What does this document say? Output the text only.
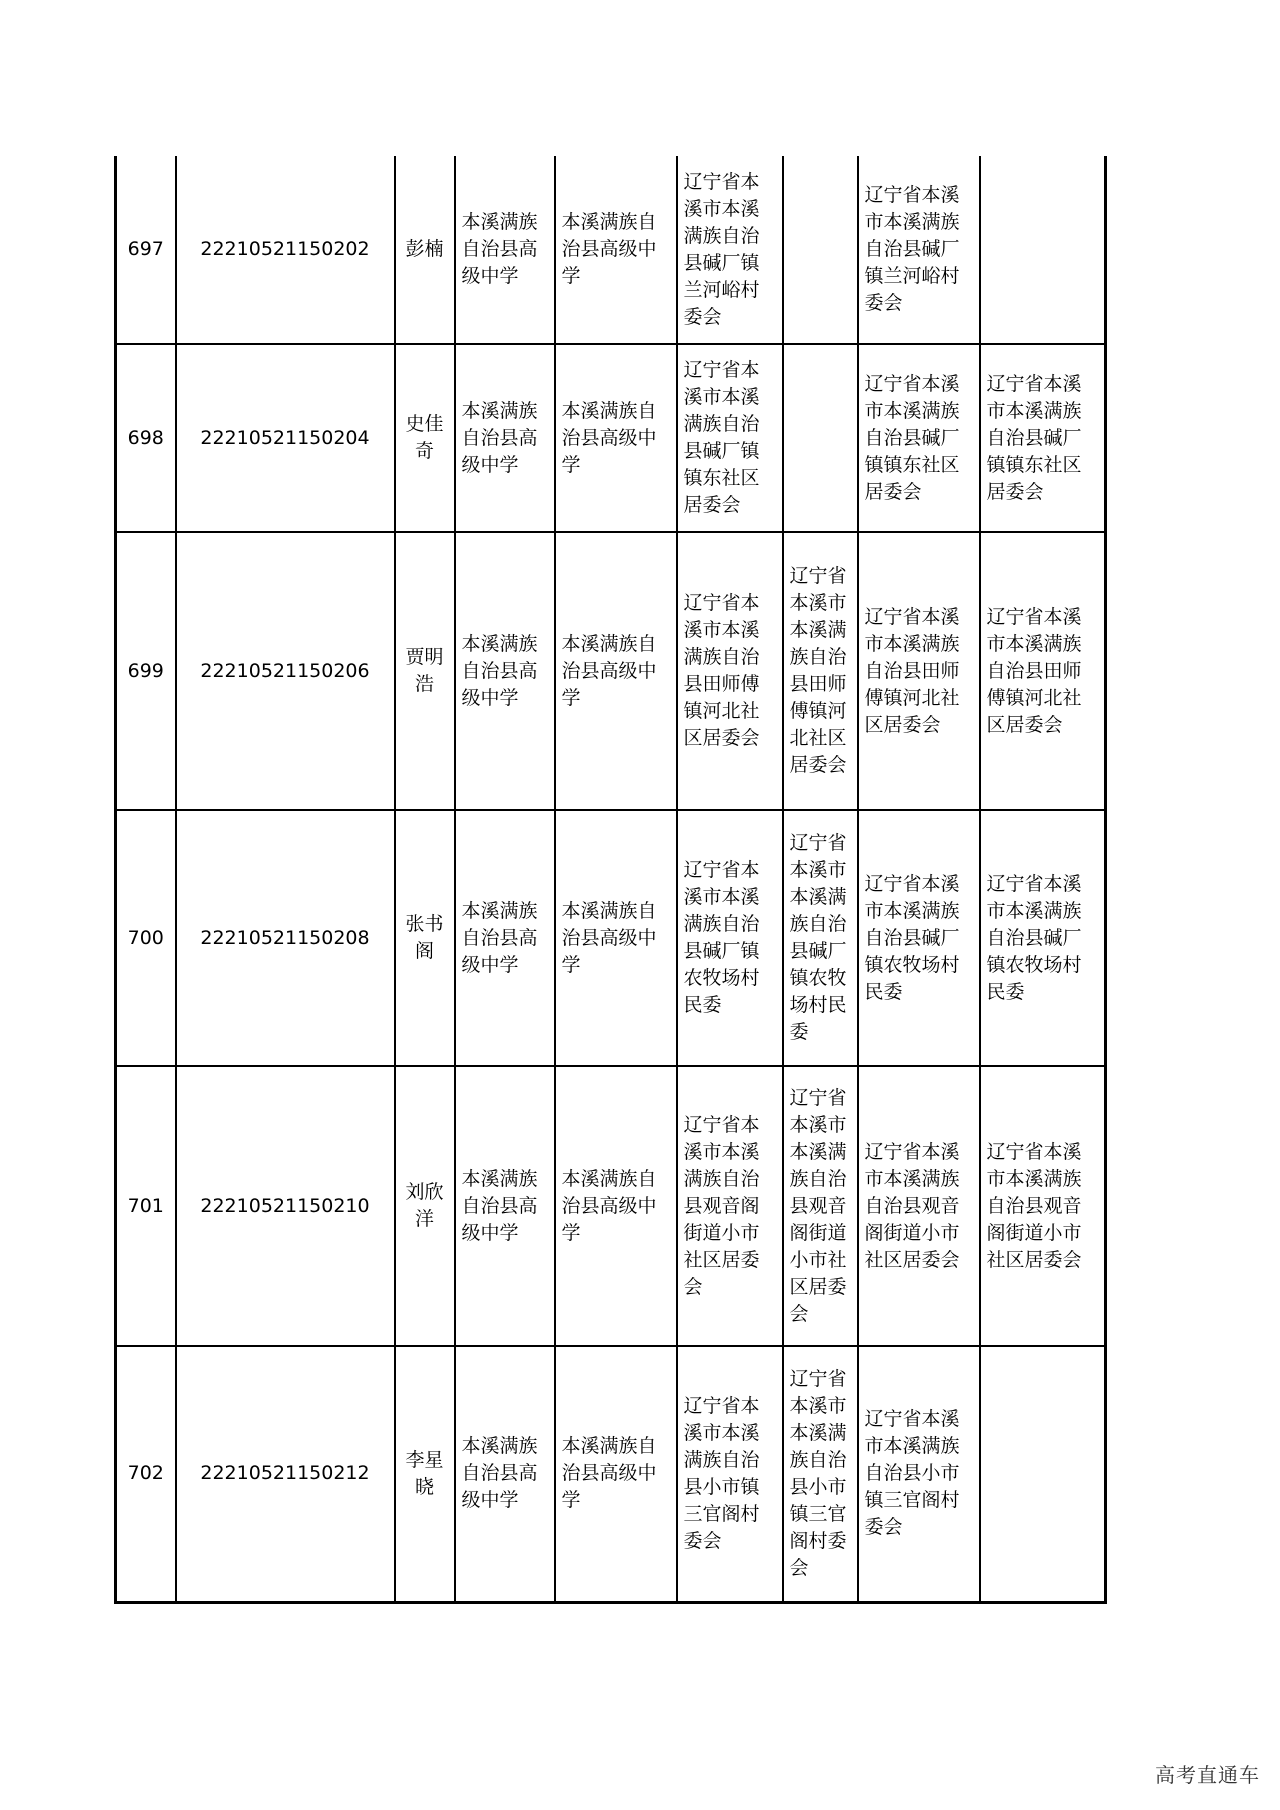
697	22210521150202	彭楠	本溪满族自治县高级中学	本溪满族自治县高级中学	辽宁省本溪市本溪满族自治县碱厂镇兰河峪村委会		辽宁省本溪市本溪满族自治县碱厂镇兰河峪村委会	
698	22210521150204	史佳奇	本溪满族自治县高级中学	本溪满族自治县高级中学	辽宁省本溪市本溪满族自治县碱厂镇镇东社区居委会		辽宁省本溪市本溪满族自治县碱厂镇镇东社区居委会	辽宁省本溪市本溪满族自治县碱厂镇镇东社区居委会
699	22210521150206	贾明浩	本溪满族自治县高级中学	本溪满族自治县高级中学	辽宁省本溪市本溪满族自治县田师傅镇河北社区居委会	辽宁省本溪市本溪满族自治县田师傅镇河北社区居委会	辽宁省本溪市本溪满族自治县田师傅镇河北社区居委会	辽宁省本溪市本溪满族自治县田师傅镇河北社区居委会
700	22210521150208	张书阁	本溪满族自治县高级中学	本溪满族自治县高级中学	辽宁省本溪市本溪满族自治县碱厂镇农牧场村民委	辽宁省本溪市本溪满族自治县碱厂镇农牧场村民委	辽宁省本溪市本溪满族自治县碱厂镇农牧场村民委	辽宁省本溪市本溪满族自治县碱厂镇农牧场村民委
701	22210521150210	刘欣洋	本溪满族自治县高级中学	本溪满族自治县高级中学	辽宁省本溪市本溪满族自治县观音阁街道小市社区居委会	辽宁省本溪市本溪满族自治县观音阁街道小市社区居委会	辽宁省本溪市本溪满族自治县观音阁街道小市社区居委会	辽宁省本溪市本溪满族自治县观音阁街道小市社区居委会
702	22210521150212	李星晓	本溪满族自治县高级中学	本溪满族自治县高级中学	辽宁省本溪市本溪满族自治县小市镇三官阁村委会	辽宁省本溪市本溪满族自治县小市镇三官阁村委会	辽宁省本溪市本溪满族自治县小市镇三官阁村委会	
高考直通车
